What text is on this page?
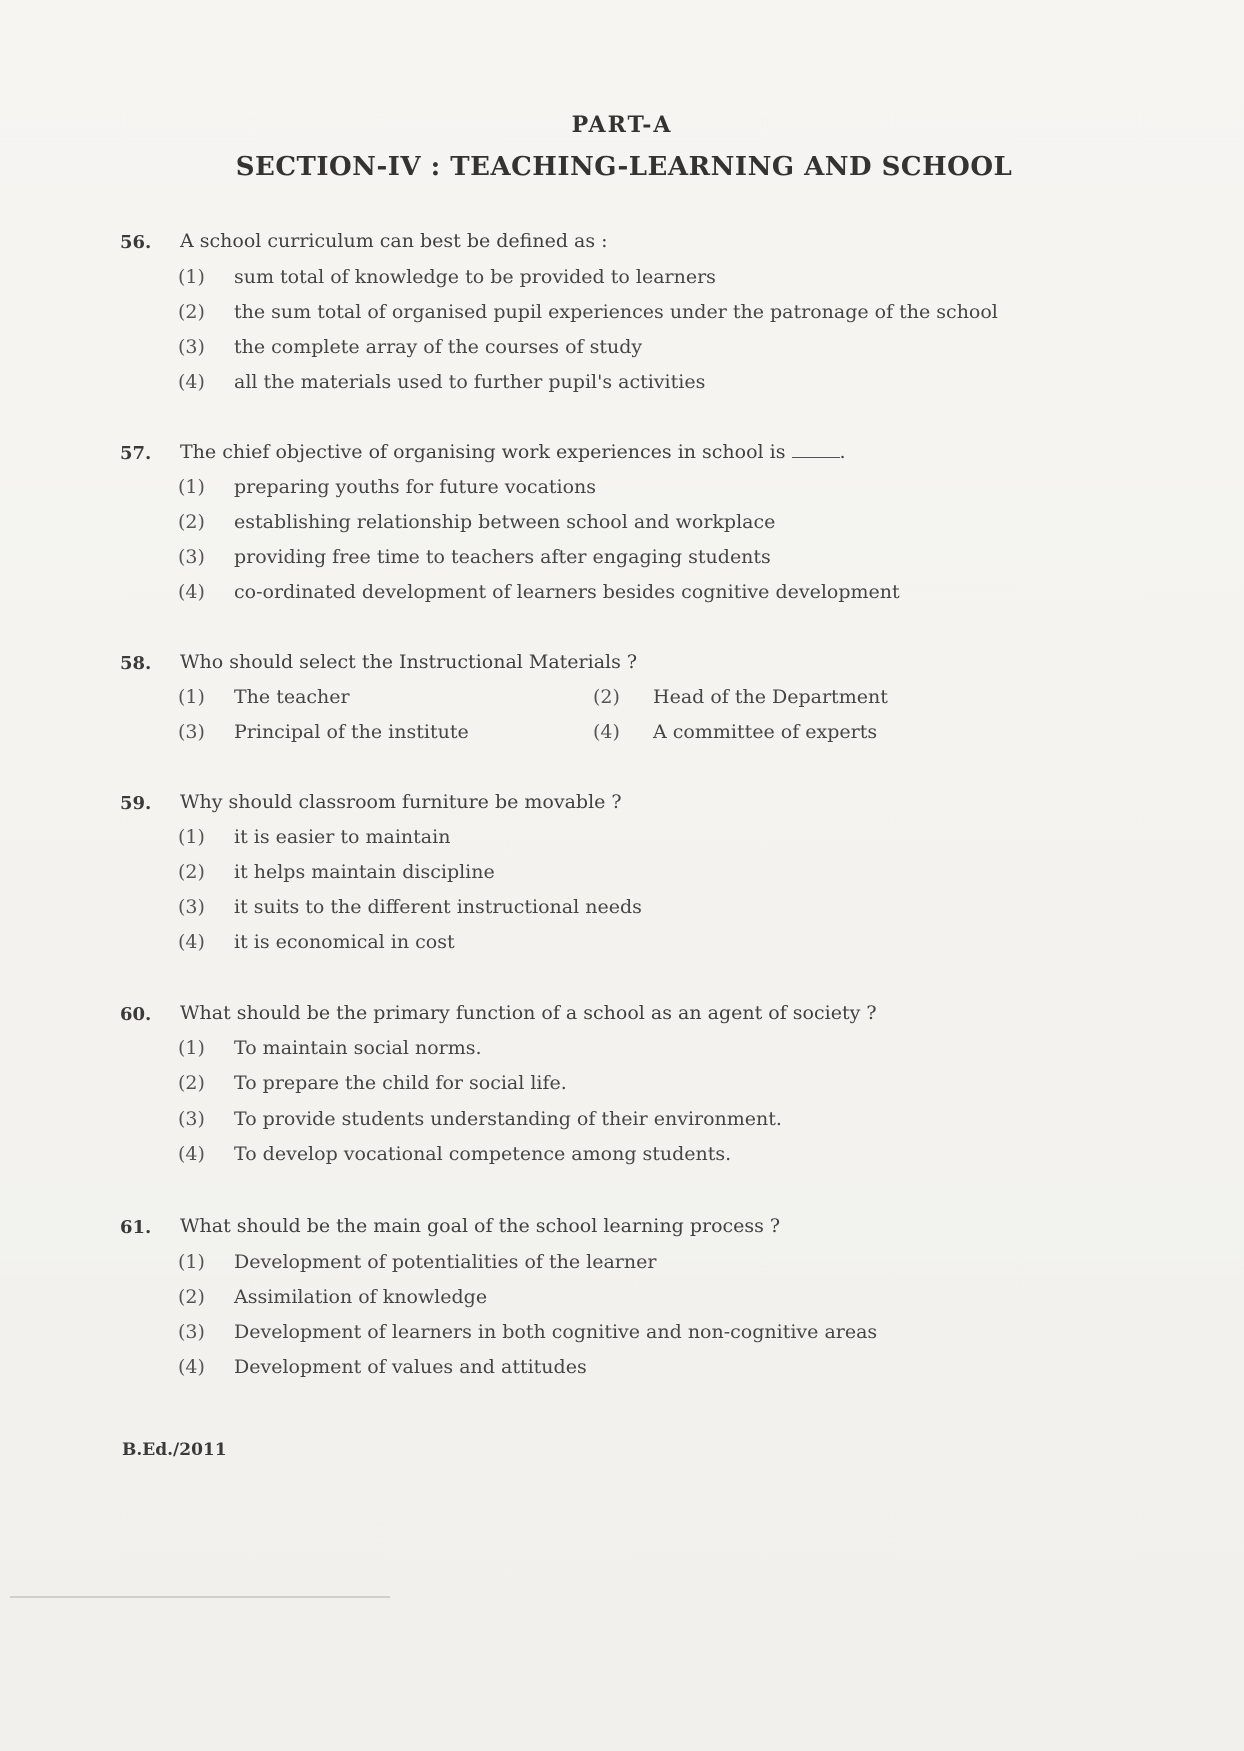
PART-A
SECTION-IV : TEACHING-LEARNING AND SCHOOL
56. A school curriculum can best be defined as :
(1) sum total of knowledge to be provided to learners
(2) the sum total of organised pupil experiences under the patronage of the school
(3) the complete array of the courses of study
(4) all the materials used to further pupil's activities
57. The chief objective of organising work experiences in school is	.
(1) preparing youths for future vocations
(2) establishing relationship between school and workplace
(3) providing free time to teachers after engaging students
(4) co-ordinated development of learners besides cognitive development
58. Who should select the Instructional Materials ?
(1) The teacher	(2) Head of the Department
(3) Principal of the institute	(4) A committee of experts
59. Why should classroom furniture be movable ?
(1) it is easier to maintain
(2) it helps maintain discipline
(3) it suits to the different instructional needs
(4) it is economical in cost
60. What should be the primary function of a school as an agent of society ?
(1) To maintain social norms.
(2) To prepare the child for social life.
(3) To provide students understanding of their environment.
(4) To develop vocational competence among students.
61. What should be the main goal of the school learning process ?
(1) Development of potentialities of the learner
(2) Assimilation of knowledge
(3) Development of learners in both cognitive and non-cognitive areas
(4) Development of values and attitudes
B.Ed./2011
